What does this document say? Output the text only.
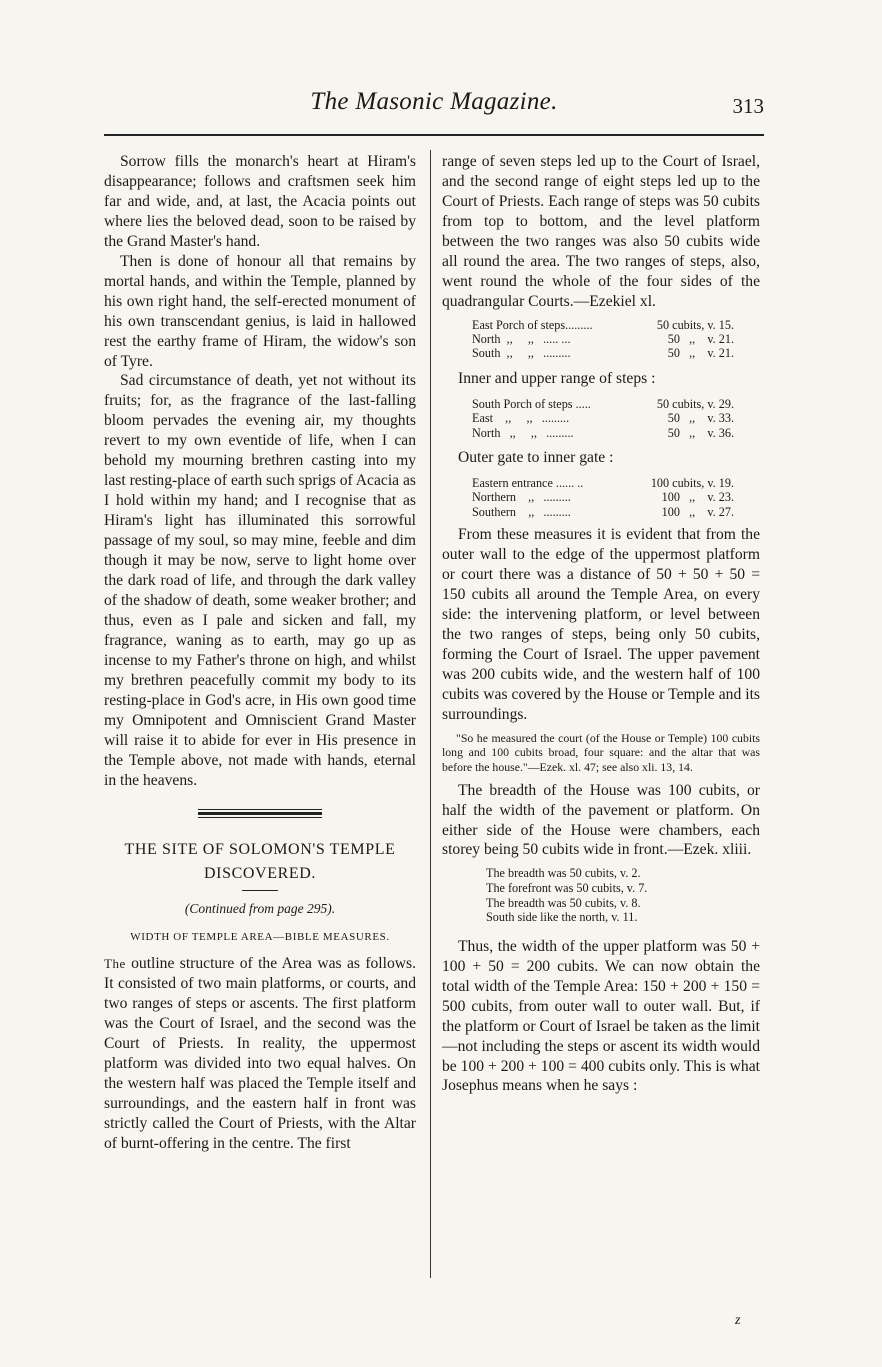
The Masonic Magazine.	313

Sorrow fills the monarch's heart at Hiram's disappearance; follows and craftsmen seek him far and wide, and, at last, the Acacia points out where lies the beloved dead, soon to be raised by the Grand Master's hand.

Then is done of honour all that remains by mortal hands, and within the Temple, planned by his own right hand, the self-erected monument of his own transcendant genius, is laid in hallowed rest the earthy frame of Hiram, the widow's son of Tyre.

Sad circumstance of death, yet not without its fruits; for, as the fragrance of the last-falling bloom pervades the evening air, my thoughts revert to my own eventide of life, when I can behold my mourning brethren casting into my last resting-place of earth such sprigs of Acacia as I hold within my hand; and I recognise that as Hiram's light has illuminated this sorrowful passage of my soul, so may mine, feeble and dim though it may be now, serve to light home over the dark road of life, and through the dark valley of the shadow of death, some weaker brother; and thus, even as I pale and sicken and fall, my fragrance, waning as to earth, may go up as incense to my Father's throne on high, and whilst my brethren peacefully commit my body to its resting-place in God's acre, in His own good time my Omnipotent and Omniscient Grand Master will raise it to abide for ever in His presence in the Temple above, not made with hands, eternal in the heavens.

THE SITE OF SOLOMON'S TEMPLE
DISCOVERED.
(Continued from page 295).
WIDTH OF TEMPLE AREA—BIBLE MEASURES.

The outline structure of the Area was as follows. It consisted of two main platforms, or courts, and two ranges of steps or ascents. The first platform was the Court of Israel, and the second was the Court of Priests. In reality, the uppermost platform was divided into two equal halves. On the western half was placed the Temple itself and surroundings, and the eastern half in front was strictly called the Court of Priests, with the Altar of burnt-offering in the centre. The first

range of seven steps led up to the Court of Israel, and the second range of eight steps led up to the Court of Priests. Each range of steps was 50 cubits from top to bottom, and the level platform between the two ranges was also 50 cubits wide all round the area. The two ranges of steps, also, went round the whole of the four sides of the quadrangular Courts.—Ezekiel xl.

East Porch of steps.........	50 cubits, v. 15.
North  ,,     ,,   ..... ...	50   ,,    v. 21.
South  ,,     ,,   .........	50   ,,    v. 21.
Inner and upper range of steps :
South Porch of steps .....	50 cubits, v. 29.
East    ,,     ,,   .........	50   ,,    v. 33.
North   ,,     ,,   .........	50   ,,    v. 36.
Outer gate to inner gate :
Eastern entrance ...... ..	100 cubits, v. 19.
Northern    ,,   .........	100   ,,    v. 23.
Southern    ,,   .........	100   ,,    v. 27.

From these measures it is evident that from the outer wall to the edge of the uppermost platform or court there was a distance of 50 + 50 + 50 = 150 cubits all around the Temple Area, on every side: the intervening platform, or level between the two ranges of steps, being only 50 cubits, forming the Court of Israel. The upper pavement was 200 cubits wide, and the western half of 100 cubits was covered by the House or Temple and its surroundings.

"So he measured the court (of the House or Temple) 100 cubits long and 100 cubits broad, four square: and the altar that was before the house."—Ezek. xl. 47; see also xli. 13, 14.

The breadth of the House was 100 cubits, or half the width of the pavement or platform. On either side of the House were chambers, each storey being 50 cubits wide in front.—Ezek. xliii.

The breadth was 50 cubits, v. 2.
The forefront was 50 cubits, v. 7.
The breadth was 50 cubits, v. 8.
South side like the north, v. 11.

Thus, the width of the upper platform was 50 + 100 + 50 = 200 cubits. We can now obtain the total width of the Temple Area: 150 + 200 + 150 = 500 cubits, from outer wall to outer wall. But, if the platform or Court of Israel be taken as the limit—not including the steps or ascent its width would be 100 + 200 + 100 = 400 cubits only. This is what Josephus means when he says :

z
